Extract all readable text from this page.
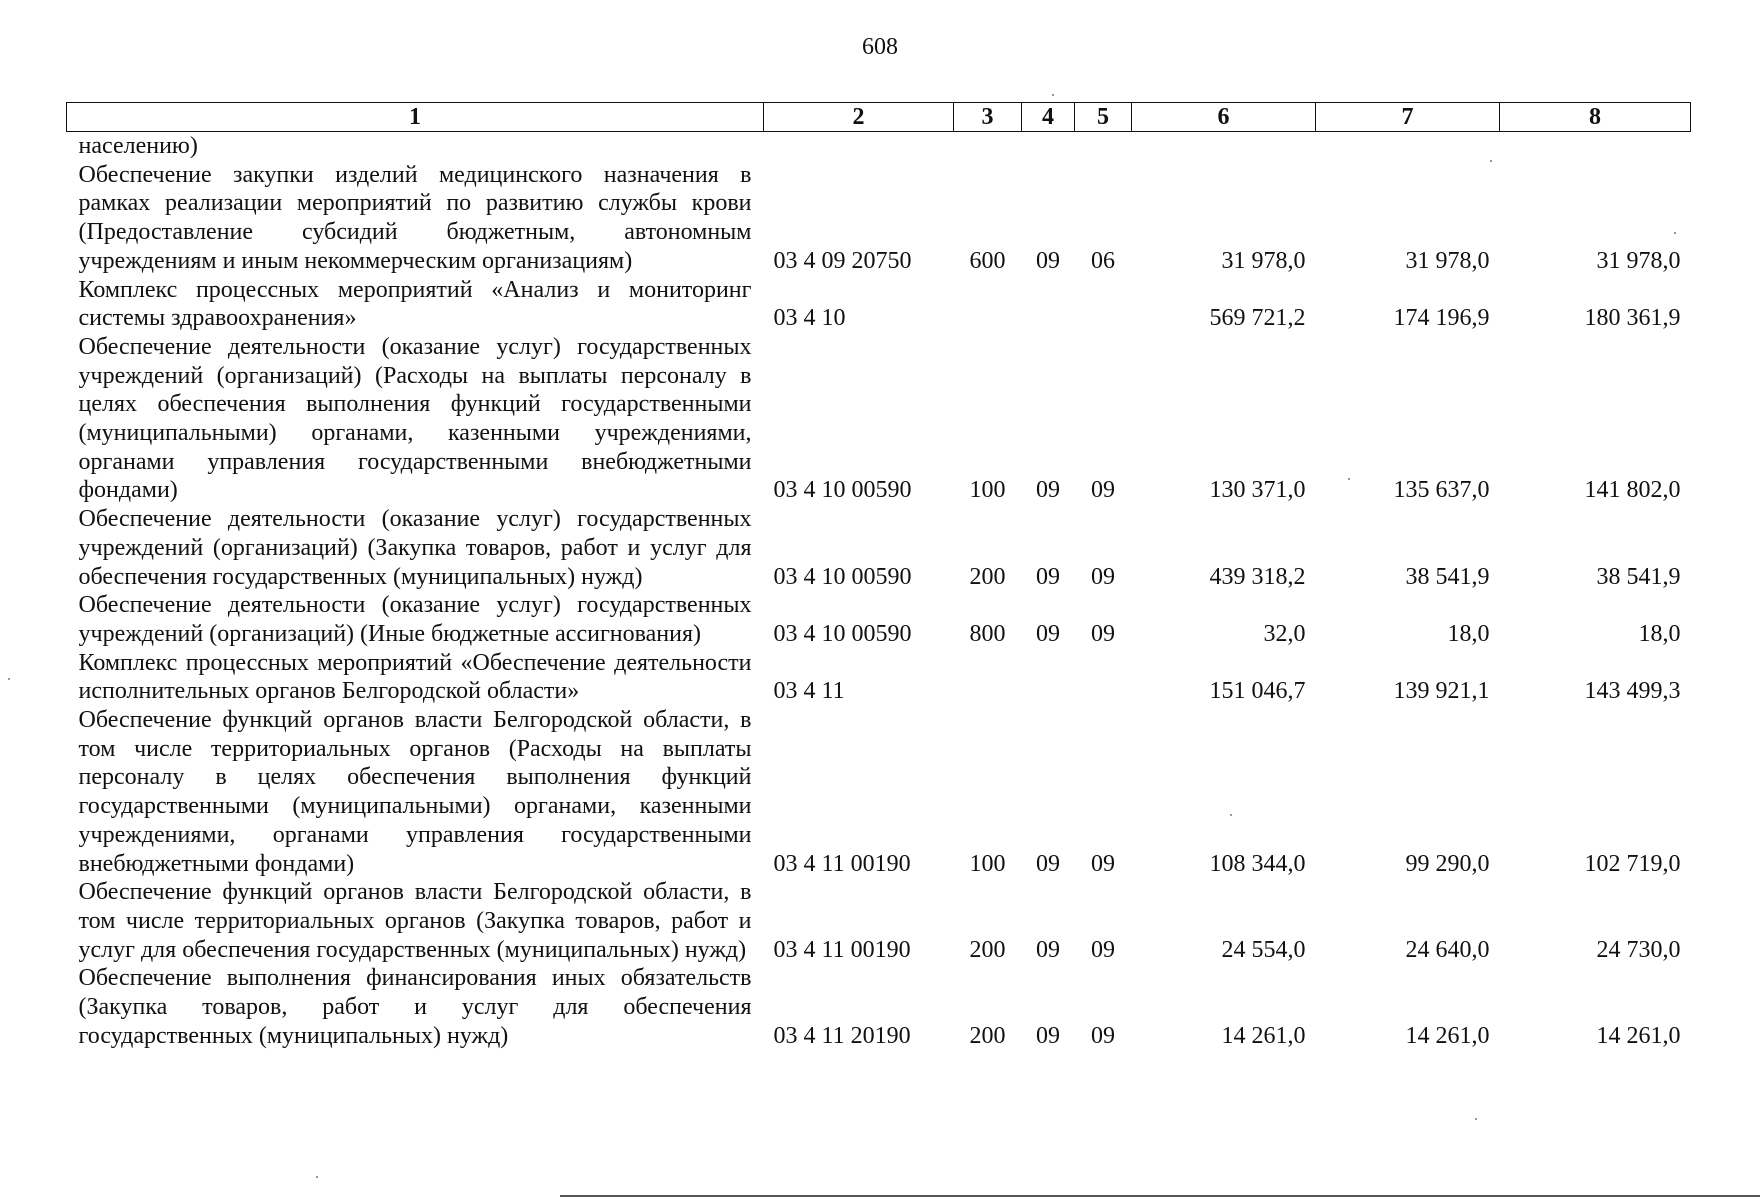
608
1	2	3	4	5	6	7	8
населению)							
Обеспечение закупки изделий медицинского назначения в рамках реализации мероприятий по развитию службы крови (Предоставление субсидий бюджетным, автономным учреждениям и иным некоммерческим организациям)	03 4 09 20750	600	09	06	31 978,0	31 978,0	31 978,0
Комплекс процессных мероприятий «Анализ и мониторинг системы здравоохранения»	03 4 10				569 721,2	174 196,9	180 361,9
Обеспечение деятельности (оказание услуг) государственных учреждений (организаций) (Расходы на выплаты персоналу в целях обеспечения выполнения функций государственными (муниципальными) органами, казенными учреждениями, органами управления государственными внебюджетными фондами)	03 4 10 00590	100	09	09	130 371,0	135 637,0	141 802,0
Обеспечение деятельности (оказание услуг) государственных учреждений (организаций) (Закупка товаров, работ и услуг для обеспечения государственных (муниципальных) нужд)	03 4 10 00590	200	09	09	439 318,2	38 541,9	38 541,9
Обеспечение деятельности (оказание услуг) государственных учреждений (организаций) (Иные бюджетные ассигнования)	03 4 10 00590	800	09	09	32,0	18,0	18,0
Комплекс процессных мероприятий «Обеспечение деятельности исполнительных органов Белгородской области»	03 4 11				151 046,7	139 921,1	143 499,3
Обеспечение функций органов власти Белгородской области, в том числе территориальных органов (Расходы на выплаты персоналу в целях обеспечения выполнения функций государственными (муниципальными) органами, казенными учреждениями, органами управления государственными внебюджетными фондами)	03 4 11 00190	100	09	09	108 344,0	99 290,0	102 719,0
Обеспечение функций органов власти Белгородской области, в том числе территориальных органов (Закупка товаров, работ и услуг для обеспечения государственных (муниципальных) нужд)	03 4 11 00190	200	09	09	24 554,0	24 640,0	24 730,0
Обеспечение выполнения финансирования иных обязательств (Закупка товаров, работ и услуг для обеспечения государственных (муниципальных) нужд)	03 4 11 20190	200	09	09	14 261,0	14 261,0	14 261,0
